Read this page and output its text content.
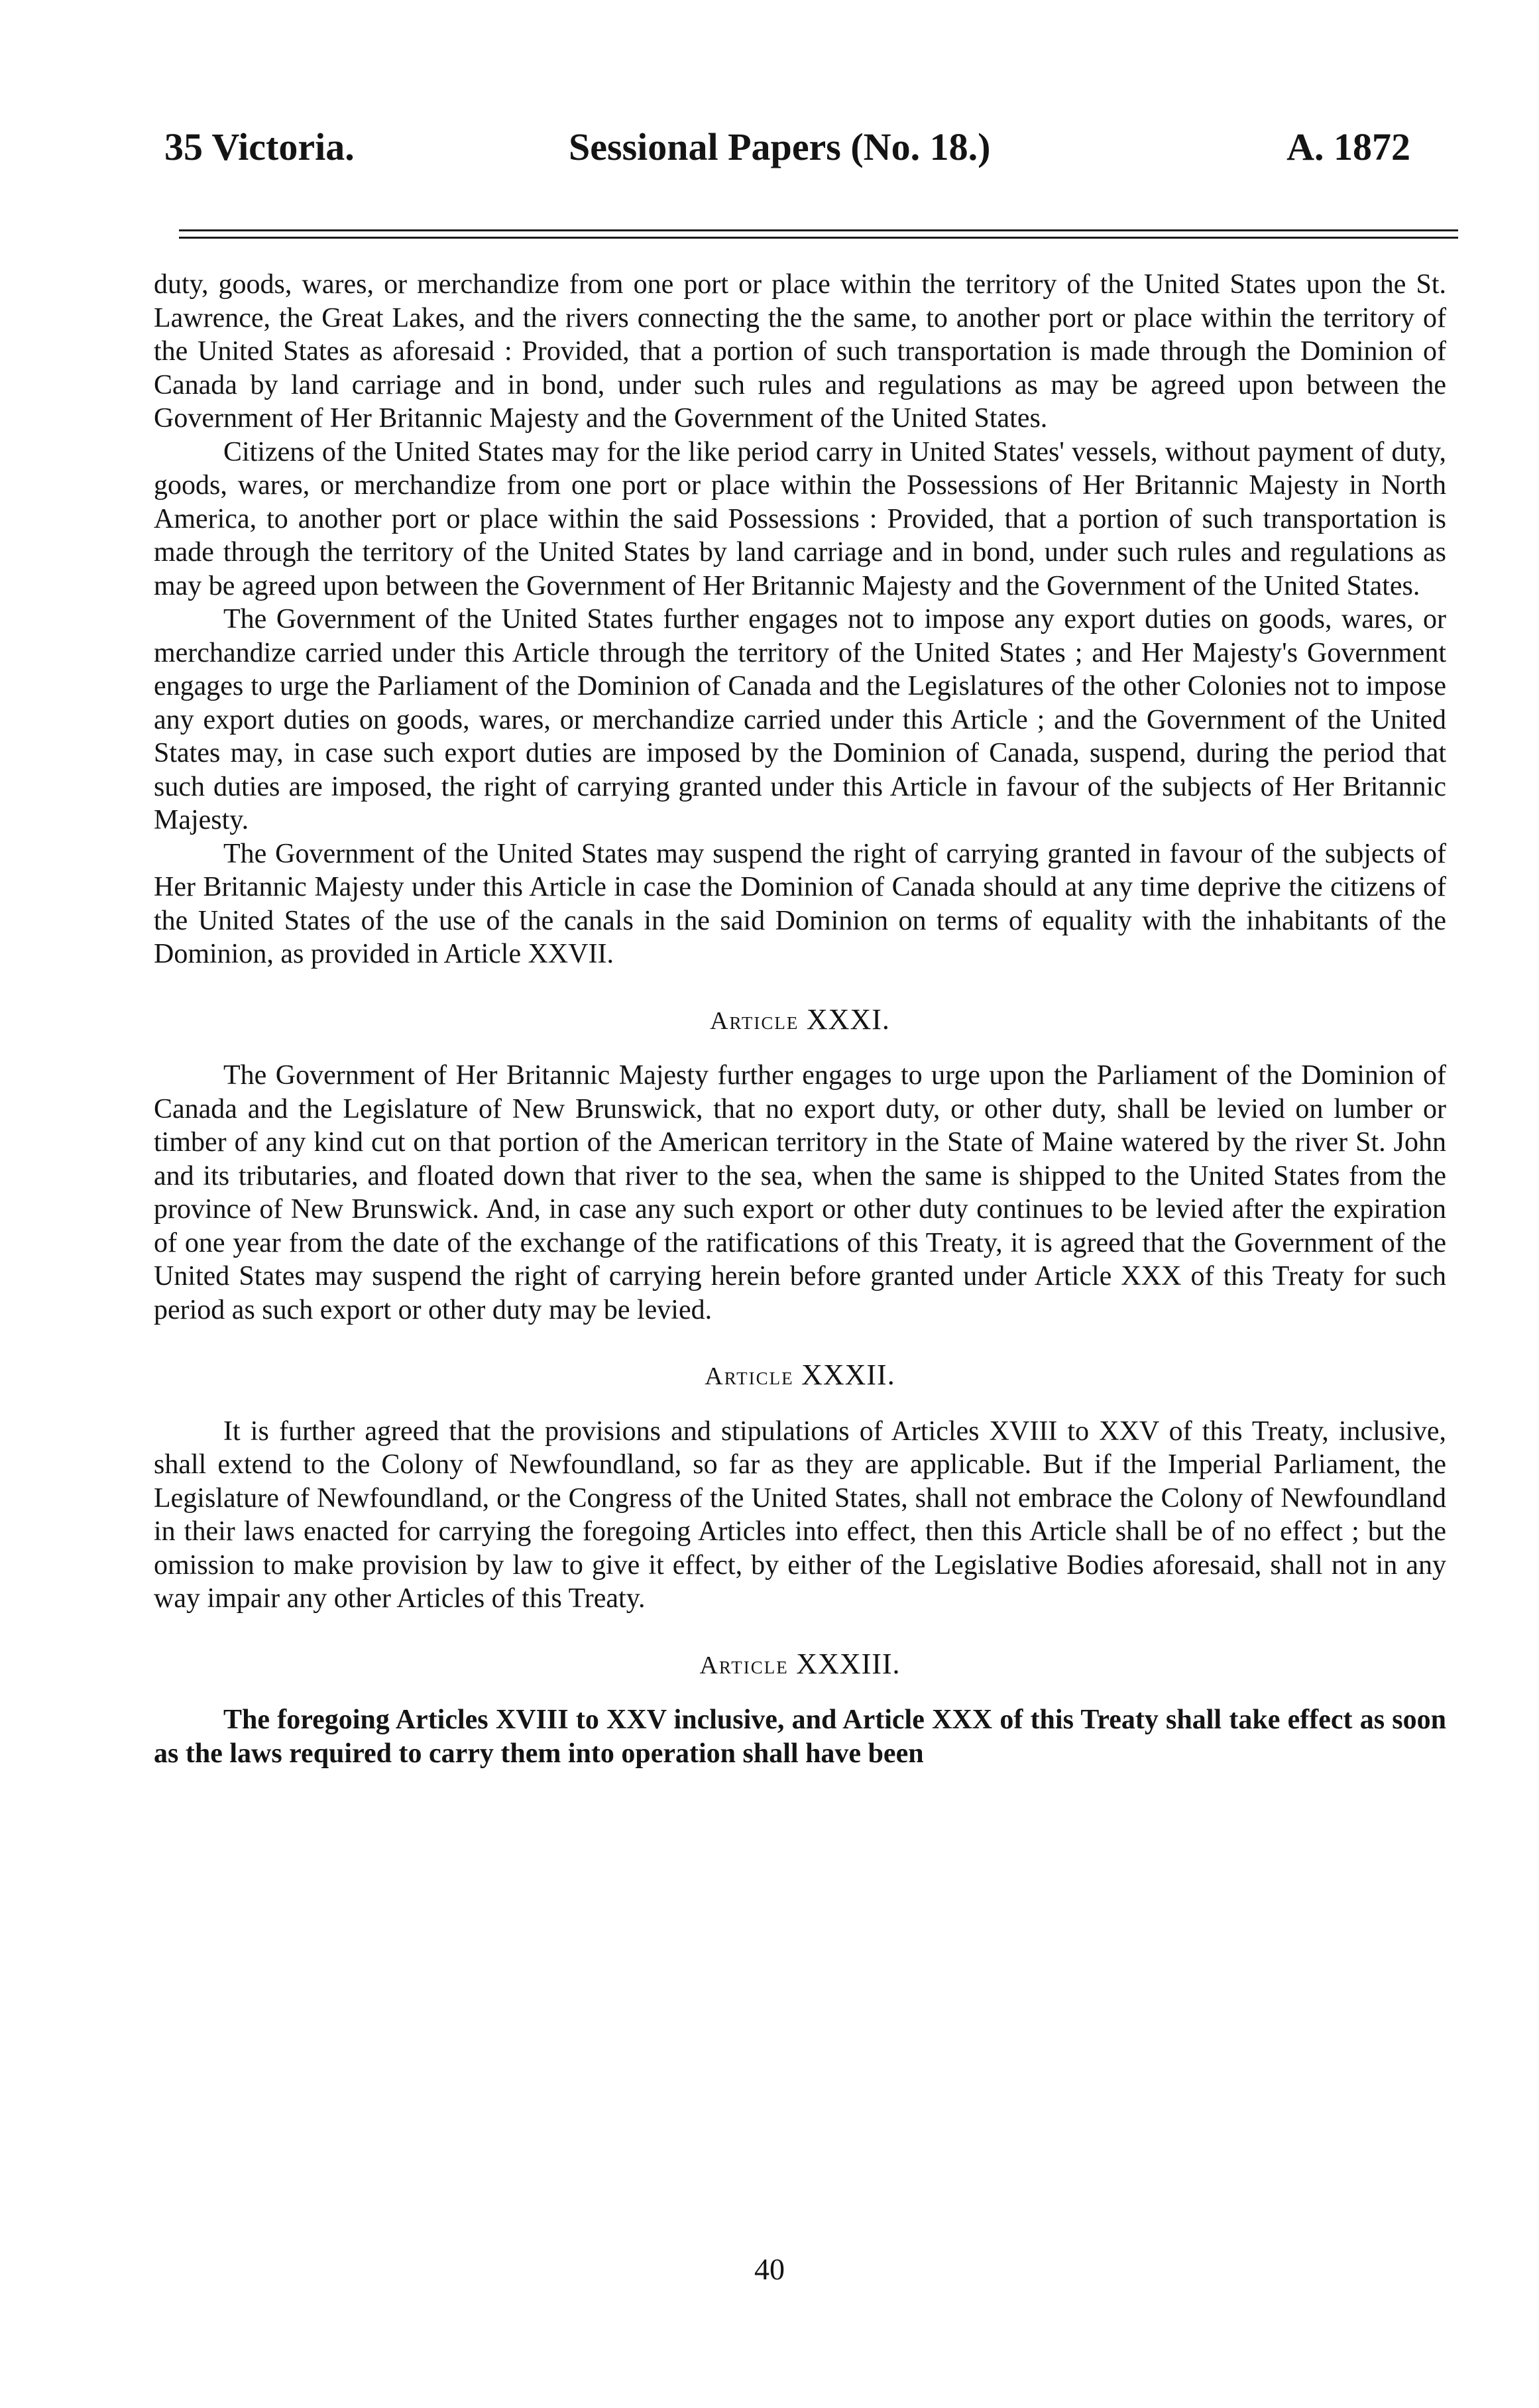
35 Victoria.	Sessional Papers (No. 18.)	A. 1872

duty, goods, wares, or merchandize from one port or place within the territory of the United States upon the St. Lawrence, the Great Lakes, and the rivers connecting the the same, to another port or place within the territory of the United States as aforesaid : Provided, that a portion of such transportation is made through the Dominion of Canada by land carriage and in bond, under such rules and regulations as may be agreed upon between the Government of Her Britannic Majesty and the Government of the United States.

Citizens of the United States may for the like period carry in United States' vessels, without payment of duty, goods, wares, or merchandize from one port or place within the Possessions of Her Britannic Majesty in North America, to another port or place within the said Possessions : Provided, that a portion of such transportation is made through the territory of the United States by land carriage and in bond, under such rules and regulations as may be agreed upon between the Government of Her Britannic Majesty and the Government of the United States.

The Government of the United States further engages not to impose any export duties on goods, wares, or merchandize carried under this Article through the territory of the United States ; and Her Majesty's Government engages to urge the Parliament of the Dominion of Canada and the Legislatures of the other Colonies not to impose any export duties on goods, wares, or merchandize carried under this Article ; and the Government of the United States may, in case such export duties are imposed by the Dominion of Canada, suspend, during the period that such duties are imposed, the right of carrying granted under this Article in favour of the subjects of Her Britannic Majesty.

The Government of the United States may suspend the right of carrying granted in favour of the subjects of Her Britannic Majesty under this Article in case the Dominion of Canada should at any time deprive the citizens of the United States of the use of the canals in the said Dominion on terms of equality with the inhabitants of the Dominion, as provided in Article XXVII.

Article XXXI.

The Government of Her Britannic Majesty further engages to urge upon the Parliament of the Dominion of Canada and the Legislature of New Brunswick, that no export duty, or other duty, shall be levied on lumber or timber of any kind cut on that portion of the American territory in the State of Maine watered by the river St. John and its tributaries, and floated down that river to the sea, when the same is shipped to the United States from the province of New Brunswick. And, in case any such export or other duty continues to be levied after the expiration of one year from the date of the exchange of the ratifications of this Treaty, it is agreed that the Government of the United States may suspend the right of carrying herein before granted under Article XXX of this Treaty for such period as such export or other duty may be levied.

Article XXXII.

It is further agreed that the provisions and stipulations of Articles XVIII to XXV of this Treaty, inclusive, shall extend to the Colony of Newfoundland, so far as they are applicable. But if the Imperial Parliament, the Legislature of Newfoundland, or the Congress of the United States, shall not embrace the Colony of Newfoundland in their laws enacted for carrying the foregoing Articles into effect, then this Article shall be of no effect ; but the omission to make provision by law to give it effect, by either of the Legislative Bodies aforesaid, shall not in any way impair any other Articles of this Treaty.

Article XXXIII.

The foregoing Articles XVIII to XXV inclusive, and Article XXX of this Treaty shall take effect as soon as the laws required to carry them into operation shall have been

40
